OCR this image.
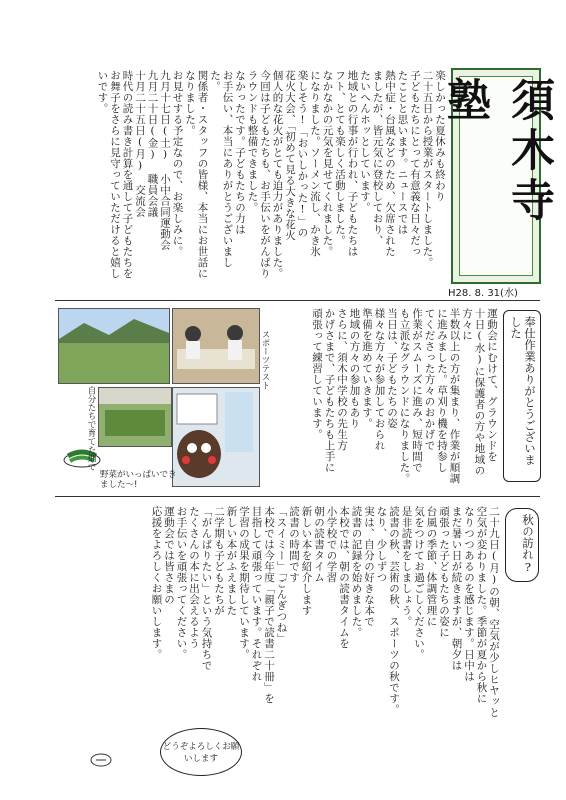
須木寺塾
H28. 8. 31(水)
楽しかった夏休みも終わり
二十五日から授業がスタートしました。
子どもたちにとって有意義な日々だっ
たことと思います。ニュースでは
熱中症・台風などのため、欠席された
ましたが、皆元気に登校しており、
たいへんホッとしています。
地域との行事が行われ、子どもたちは
フト、とても楽しく活動しました。
なかなかの元気を見せてくれました。
になりました。ソーメン流し、かき氷
楽しそう!「おいしかった!」の
花火大会、「初めて見る大きな花火
個人的な花火がとても迫力がありました。
今回は子どもたちも、お手伝いをがんばり
ラウンドも整備できました。
なかったです。子どもたちの力は
お手伝い、本当にありがとうございました。
関係者・スタッフの皆様、本当にお世話になりました。
お見せする予定なので、お楽しみに。
九月十七日(土) 小中合同運動会
九月二十日(金) 職員会議
十月二十五日(月) 交流会
時代の読み書き計算を通して子どもたちを
お舞子をさらに見守っていただけると嬉しいです。
奉仕作業ありがとうございました
運動会にむけて、グラウンドを
十日(水)に保護者の方や地域の方々に
半数以上の方が集まり、作業が順調
に進みました。草刈り機を持参し
てくださった方々のおかげで
作業がスムーズに進み、短時間で
も立派なグラウンドになりました。
当日は、子どもたちの姿
様々な方々が参加しておられ
準備を進めていきます。
地域の方々の参加もあり
さらに、須木中学校の先生方
かげさまで、子どもたちも上手に
頑張って練習しています。
野菜がいっぱいできました〜!
自分たちで育てた畑で
スポーツテスト
秋の訪れ?
二十九日(月)の朝、空気が少しヒヤッと
空気が変わりました。季節が夏から秋に
なりつつあるのを感じます。日中は
まだ暑い日が続きますが、朝夕は
頑張った子どもたちの姿に
台風の季節、体調管理に
気をつけてお過ごしください。
是非読書をしましょう。
読書の秋、芸術の秋、スポーツの秋です。
なり、少しずつ
実は、自分の好きな本で
読書の記録を始めました。
本校では、朝の読書タイムを
小学校での学習
朝の読書タイム
新しい本を紹介します
読書の時間です
「スイミー」「ごんぎつね」
本校では今年度「親子で読書二十冊」を
目指して頑張っています。それぞれ
学習の成果を期待しています。
新しい本がふえました
二学期も子どもたちが
「がんばりたい」という気持ちで
たくさんの本に出会えるよう
お手伝いを頑張ってください。
運動会では皆さまの
応援をよろしくお願いします。
どうぞよろしくお願いします
